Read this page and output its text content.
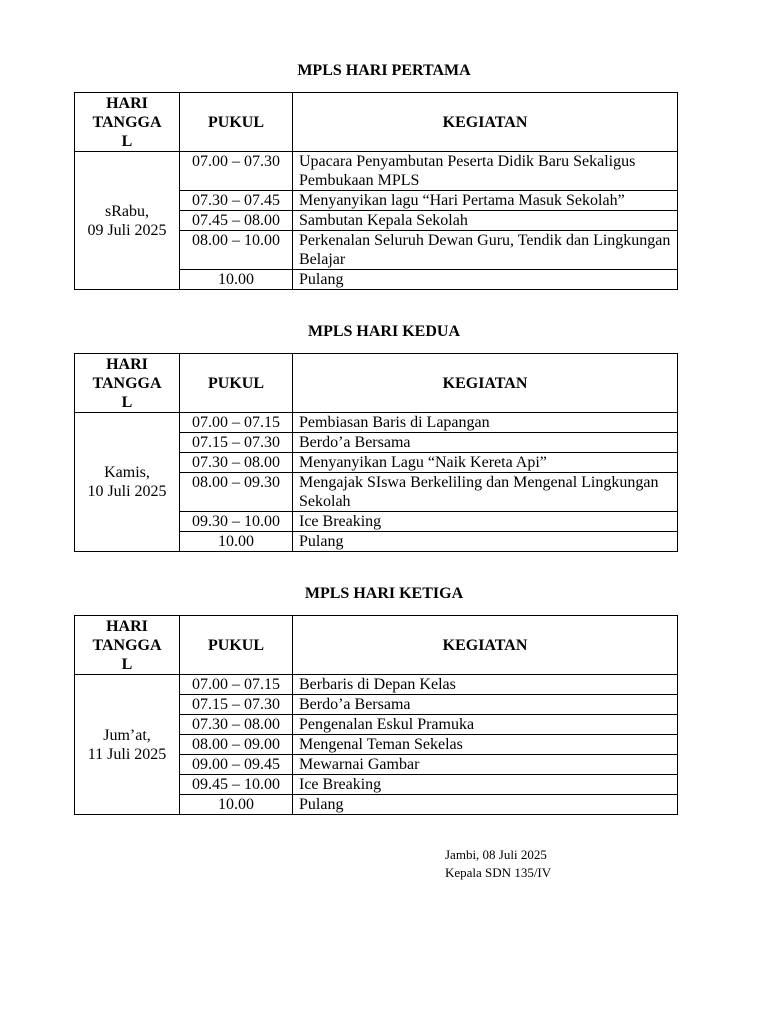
MPLS HARI PERTAMA
HARI
TANGGA
L	PUKUL	KEGIATAN
sRabu,
09 Juli 2025	07.00 – 07.30	Upacara Penyambutan Peserta Didik Baru Sekaligus Pembukaan MPLS
	07.30 – 07.45	Menyanyikan lagu “Hari Pertama Masuk Sekolah”
	07.45 – 08.00	Sambutan Kepala Sekolah
	08.00 – 10.00	Perkenalan Seluruh Dewan Guru, Tendik dan Lingkungan Belajar
	10.00	Pulang
MPLS HARI KEDUA
HARI
TANGGA
L	PUKUL	KEGIATAN
Kamis,
10 Juli 2025	07.00 – 07.15	Pembiasan Baris di Lapangan
	07.15 – 07.30	Berdo’a Bersama
	07.30 – 08.00	Menyanyikan Lagu “Naik Kereta Api”
	08.00 – 09.30	Mengajak SIswa Berkeliling dan Mengenal Lingkungan Sekolah
	09.30 – 10.00	Ice Breaking
	10.00	Pulang
MPLS HARI KETIGA
HARI
TANGGA
L	PUKUL	KEGIATAN
Jum’at,
11 Juli 2025	07.00 – 07.15	Berbaris di Depan Kelas
	07.15 – 07.30	Berdo’a Bersama
	07.30 – 08.00	Pengenalan Eskul Pramuka
	08.00 – 09.00	Mengenal Teman Sekelas
	09.00 – 09.45	Mewarnai Gambar
	09.45 – 10.00	Ice Breaking
	10.00	Pulang
Jambi, 08 Juli 2025
Kepala SDN 135/IV
